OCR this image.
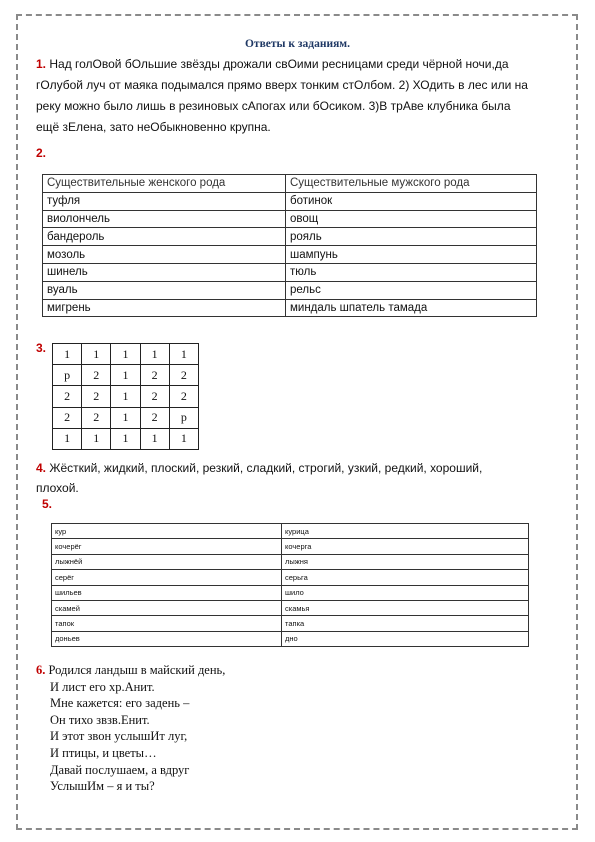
Ответы к заданиям.
1. Над голОвой бОльшие звёзды дрожали свОими ресницами среди чёрной ночи,да
гОлубой луч от маяка подымался прямо вверх тонким стОлбом. 2) ХОдить в лес или на
реку можно было лишь в резиновых сАпогах или бОсиком. 3)В трАве клубника была
ещё зЕлена, зато неОбыкновенно крупна.
2.
Существительные женского рода	Существительные мужского рода
туфля	ботинок
виолончель	овощ
бандероль	рояль
мозоль	шампунь
шинель	тюль
вуаль	рельс
мигрень	миндаль шпатель тамада
3.	1	1	1	1	1
р	2	1	2	2
2	2	1	2	2
2	2	1	2	р
1	1	1	1	1
4. Жёсткий, жидкий, плоский, резкий, сладкий, строгий, узкий, редкий, хороший,
плохой.
5.
кур	курица
кочерёг	кочерга
лыжнёй	лыжня
серёг	серьга
шильев	шило
скамей	скамья
тапок	тапка
доньев	дно
6. Родился ландыш в майский день,
И лист его хр.Анит.
Мне кажется: его задень –
Он тихо звзв.Енит.
И этот звон услышИт луг,
И птицы, и цветы…
Давай послушаем, а вдруг
УслышИм – я и ты?
